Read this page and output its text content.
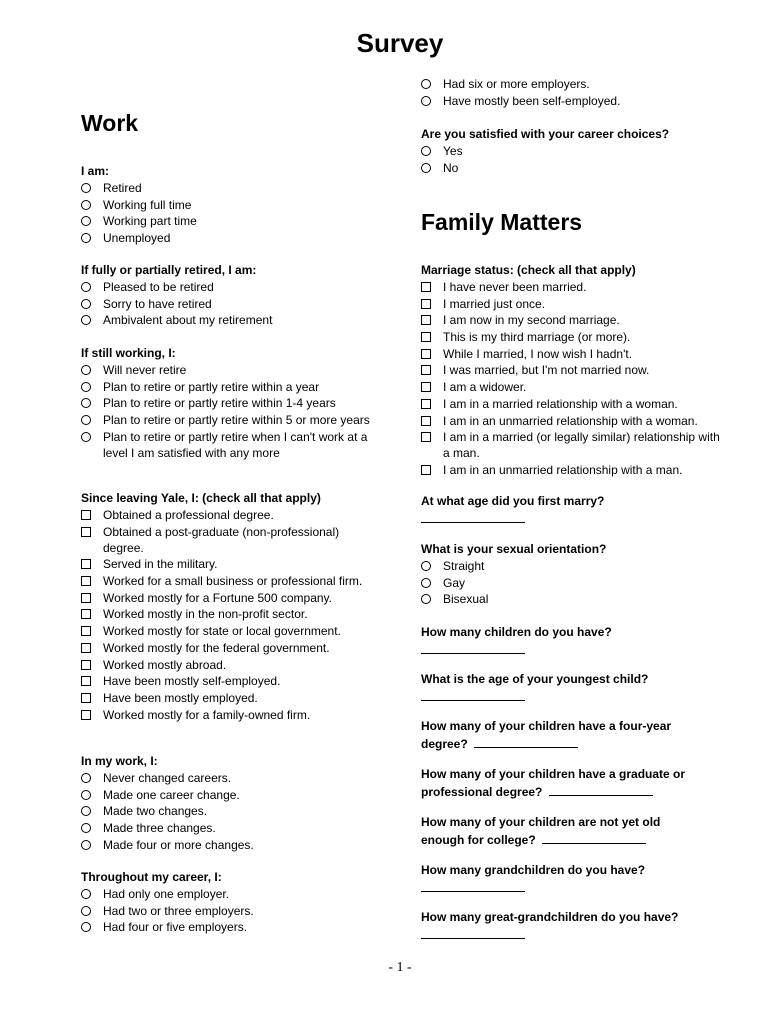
Survey
Work
I am:
Retired
Working full time
Working part time
Unemployed
If fully or partially retired, I am:
Pleased to be retired
Sorry to have retired
Ambivalent about my retirement
If still working, I:
Will never retire
Plan to retire or partly retire within a year
Plan to retire or partly retire within 1-4 years
Plan to retire or partly retire within 5 or more years
Plan to retire or partly retire when I can't work at a level I am satisfied with any more
Since leaving Yale, I: (check all that apply)
Obtained a professional degree.
Obtained a post-graduate (non-professional) degree.
Served in the military.
Worked for a small business or professional firm.
Worked mostly for a Fortune 500 company.
Worked mostly in the non-profit sector.
Worked mostly for state or local government.
Worked mostly for the federal government.
Worked mostly abroad.
Have been mostly self-employed.
Have been mostly employed.
Worked mostly for a family-owned firm.
In my work, I:
Never changed careers.
Made one career change.
Made two changes.
Made three changes.
Made four or more changes.
Throughout my career, I:
Had only one employer.
Had two or three employers.
Had four or five employers.
Had six or more employers.
Have mostly been self-employed.
Are you satisfied with your career choices?
Yes
No
Family Matters
Marriage status: (check all that apply)
I have never been married.
I married just once.
I am now in my second marriage.
This is my third marriage (or more).
While I married, I now wish I hadn't.
I was married, but I'm not married now.
I am a widower.
I am in a married relationship with a woman.
I am in an unmarried relationship with a woman.
I am in a married (or legally similar) relationship with a man.
I am in an unmarried relationship with a man.
At what age did you first marry?
What is your sexual orientation?
Straight
Gay
Bisexual
How many children do you have?
What is the age of your youngest child?
How many of your children have a four-year
degree?
How many of your children have a graduate or
professional degree?
How many of your children are not yet old
enough for college?
How many grandchildren do you have?
How many great-grandchildren do you have?
- 1 -
